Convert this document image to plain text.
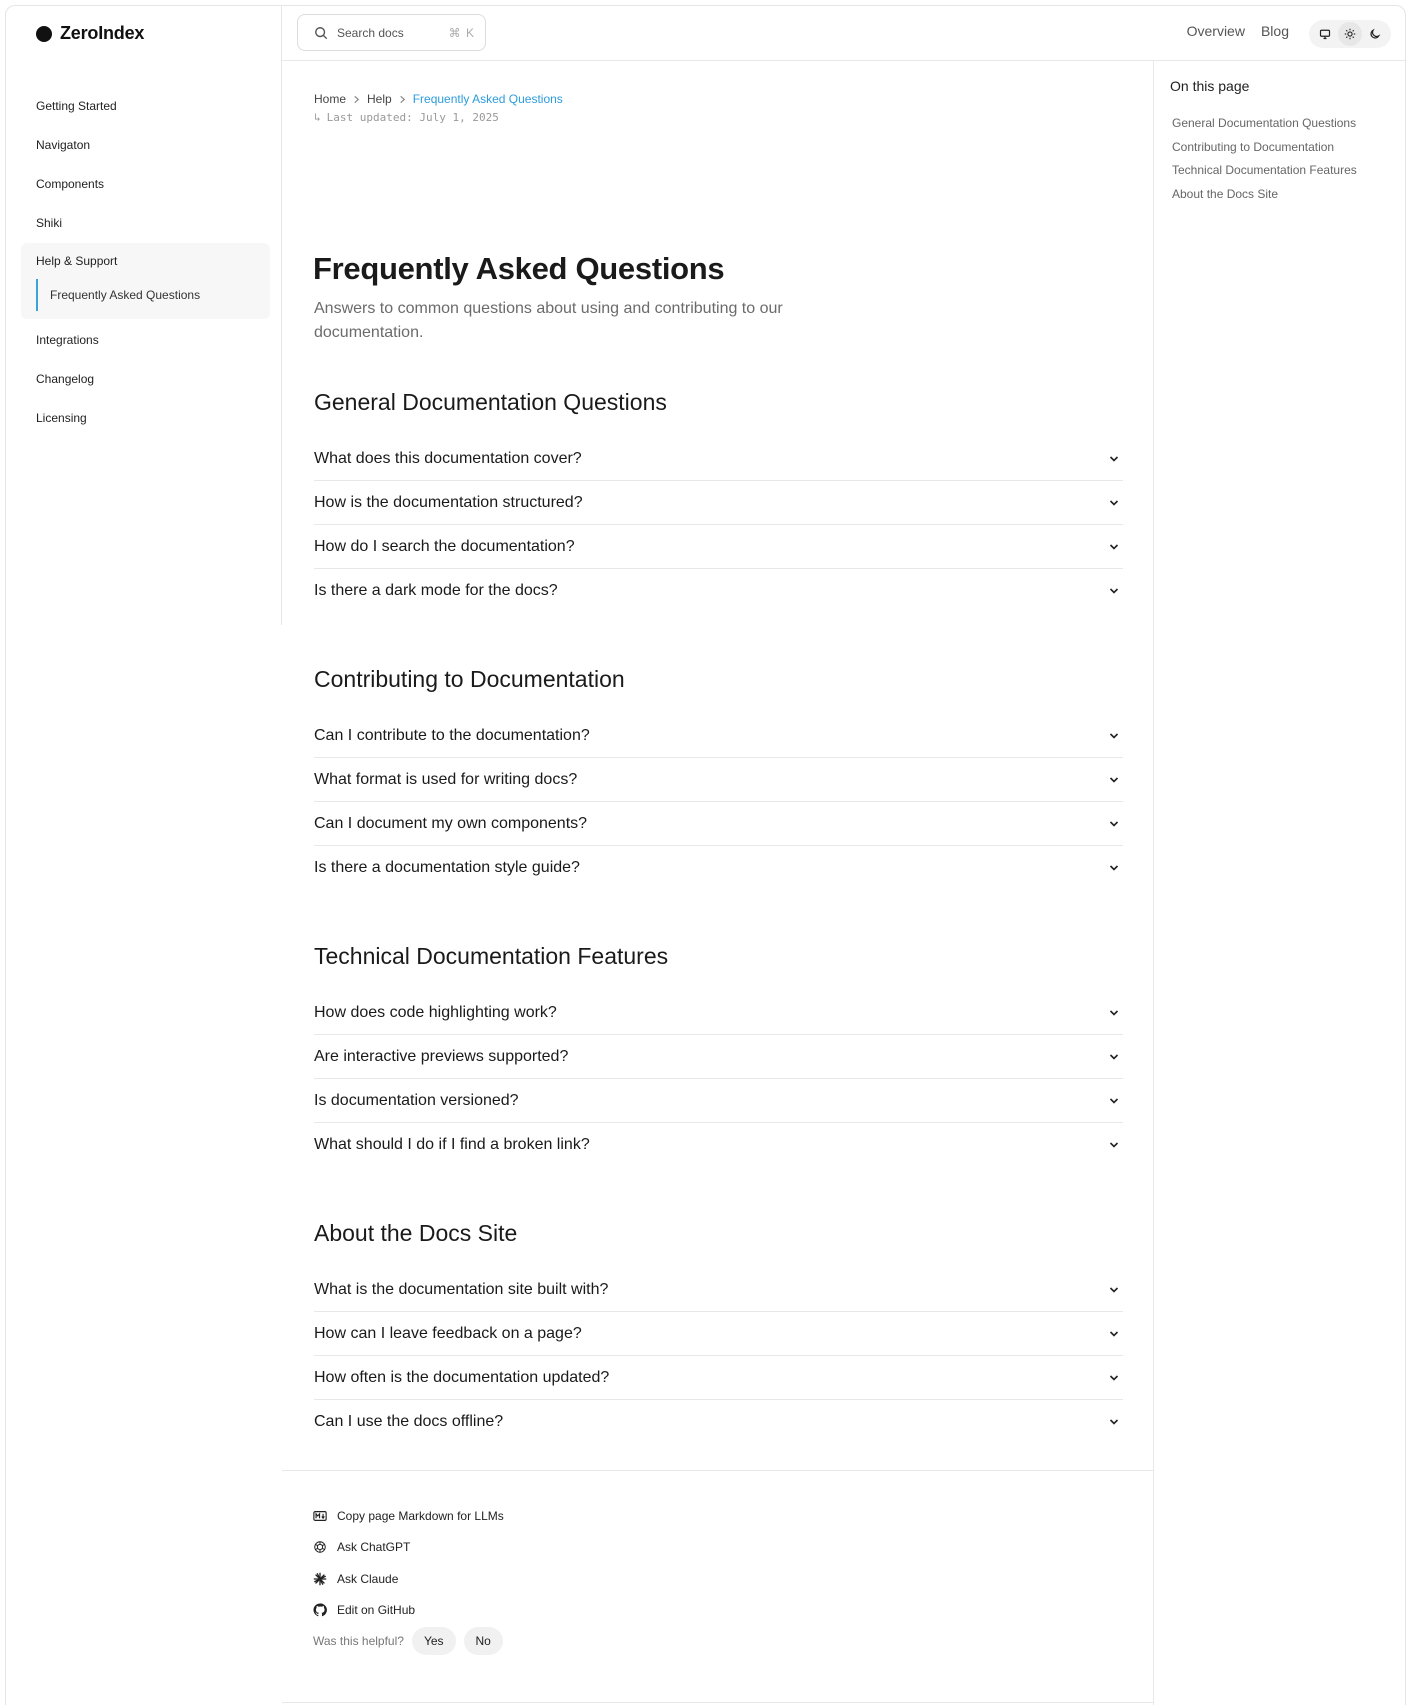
ZeroIndex
Getting Started
Navigaton
Components
Shiki
Help & Support
Frequently Asked Questions
Integrations
Changelog
Licensing
Search docs	⌘ K	Overview Blog
On this page
General Documentation Questions
Contributing to Documentation
Technical Documentation Features
About the Docs Site
Home Help Frequently Asked Questions
↳ Last updated: July 1, 2025
Frequently Asked Questions

Answers to common questions about using and contributing to our documentation.

General Documentation Questions
What does this documentation cover?
How is the documentation structured?
How do I search the documentation?
Is there a dark mode for the docs?
Contributing to Documentation
Can I contribute to the documentation?
What format is used for writing docs?
Can I document my own components?
Is there a documentation style guide?
Technical Documentation Features
How does code highlighting work?
Are interactive previews supported?
Is documentation versioned?
What should I do if I find a broken link?
About the Docs Site
What is the documentation site built with?
How can I leave feedback on a page?
How often is the documentation updated?
Can I use the docs offline?
Copy page Markdown for LLMs
Ask ChatGPT
Ask Claude
Edit on GitHub
Was this helpful?	Yes	No
